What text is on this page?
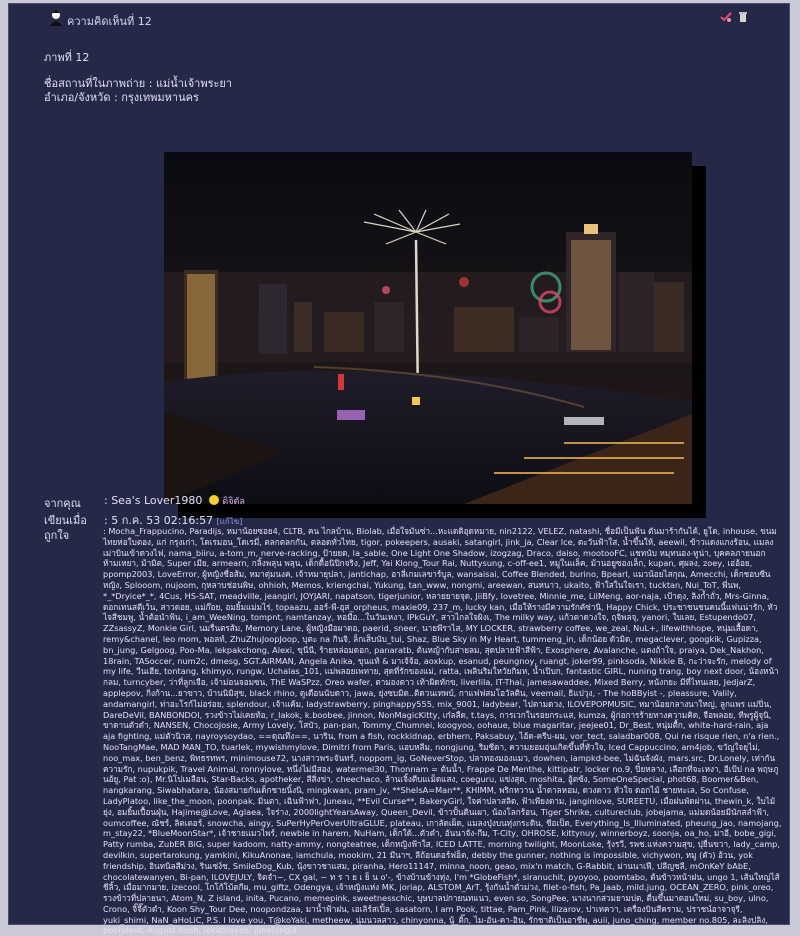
ความคิดเห็นที่ 12
ภาพที่ 12
ชื่อสถานที่ในภาพถ่าย : แม่น้ำเจ้าพระยา
อำเภอ/จังหวัด : กรุงเทพมหานคร
จากคุณ : Sea's Lover1980 ดิจิตัล
เขียนเมื่อ : 5 ก.ค. 53 02:16:57 [แก้ไข]
ถูกใจ	: Mocha_Frappucino, Paradijs, หมาน้อยซอย4, CLTB, คน ไกลบ้าน, Biolab, เมื่อใจมันซ่า...หะแดดิอุดหมาย, nin2122, VELEZ, natashi, ชื่อมีเป็นฟัน ตันมาร้ากันได้, ยูโด, inhouse, ขนมไทยห่อใบตอง, แก่ กรุงเก่า, โดเรมอน_โดเรมี่, ตลกตลกกัน, ตลอดทั่วไทย, tigor, pokeepers, ausaki, satangirl, jink_ja, Clear Ice, ตะวันฟ้าใส, น้ำขึ้นให้, aeewil, ข้าวแดงแกงร้อน, แมลงเม่าบินเข้าดวงไฟ, nama_biiru, a-tom_m, nerve-racking, ป้ายยด, la_sable, One Light One Shadow, izogzag, Draco, daiso, mootooFC, แชทนับ หมุทนอง-ทูน่า, บุคคลภายนอก ห้ามเหยา, ม้ามิต, Super เมีย, armearn, กลิ้งพลุน พลุน, เด็กดื้อนิปิกจริง, Jeff, Yai Klong_Tour Rai, Nuttysung, c-off-ee1, หมูในแล็ค, ม้านอยูซองเล็ก, kupan, ศุผลง, zoey, เอ่อ้อย, ppomp2003, LoveError, ผู้หญิงชื่อส้ม, หมาตุ่มนงค, เจ้าหมายุปลา, jantichap, อาลี่เกมเลขาร์บูล, wansaisai, Coffee Blended, burino, Bpearl, แมวน้อยไสกุณ, Amecchi, เด็กชอบซีนหญิง, Splooom, nujoom, กุหลาบช่อนพิษ, ohhioh, Memos, kriengchai, Yukung, tan_www, nongmi, areewan, สนหนาว, ukaito, ฟ้าใสในใจเรา, tucktan, Nui_ToT, พี่นพ, *_*Dryice*_*, 4Cus, HS-SAT, meadville, jeangirl, JOYJARI, napatson, tigerjunior, หลายยายจุด, JiiBfy, lovetree, Minnie_me, LilMeng, aor-naja, เป้าดุง, ลิงก้ำถั่ว, Mrs-Ginna, ดอกเทนสตีเว้น, สาวดอย, แม่ก๊อย, อมยิ้มแม่มไร่, topaazu, ออร์-พี-อุส_orpheus, maxie09, 237_m, lucky kan, เมื่อให้รางมีความรักคัซ่านิ, Happy Chick, ประชาชนชนคนนี้แฟนน่ารัก, หัวไจสีชมพู, น้ำต้อนำฟ้น, i_am_WeeNing, tompnt, namtanzay, หอมือ...ในวันเหงา, IPkGuY, สาวไกลใจผิงเ, The milky way, แก้วตาดวงใจ, ฤจิพลจุ, yanori, ใบเลย, Estupendo07, ZZsassyZ, Monkie Girl, นมรื่นตรส้ม, Memory Lane, ผู้หญิงมือผาดอ, paerid, sneer, นายพีราไส, MY LOCKER, strawberry coffee, we_zeal, NuL+, lifewithhope, หนุ่มเสื้อดา, remy&chanel, leo mom, พอลท์, ZhuZhuJoopJoop, บุตะ na กินจิ, ล็กเส็บนับ_tui, Shaz, Blue Sky in My Heart, tummeng_in, เด็กน้อย ดัวมิด, megaclever, googkik, Gupizza, bn_jung, Gelgoog, Poo-Ma, lekpakchong, Alexi, ขุนีนี, ร้ายหล่อมดอก, panaratb, ต้นหญ้ากับสายลม, สุดปลายฟ้าสีฟ้า, Exosphere, Avalanche, แตงถ้าใจ, praiya, Dek_Nakhon, 18rain, TASoccer, num2c, dmesg, SGT.AIRMAN, Angela Anika, ขุนแท้ & มาเจ้จ้อ, aoxkup, esanud, peungnoy, ruangt, joker99, pinksoda, Nikkie B, กะว่าจะรัก, melody of my life, วีนเฮีย, tontang, khimyo, rungw, Uchalas_101, แม่พลอยเพทาย, สุดที่รักของแม่, ratta, เพลินริมใหวัยกิมห, น้ำเปิบก, fantastic GIRL, nuning trang, boy next door, น้องหน้ากลม, turncyber, ว่าที่ลูกเจือ, เจ้าม่อนจอมซน, ThE WaSPzz, Oreo wafer, ตามองตาว เท้าผิดทักข, liverlila, IT-Thai, jamesawaddee, Mixed Berry, หนังกยะ มีที่ไหนเลย, JedjarZ, applepov, กิ่งก้าน...ยาขาว, บ้านนิมิสุข, black rhino, ดูเดือนนับดาว, jawa, ยุ่งซบมิด..ติดวนเทพบ์, กาแฟฟสมโอวัลติน, veemail, ธิแปวุง, - The hoBByist -, pleassure, Valily, andamangirl, ท่าอะโรก์ไม่อร่อย, splendour, เจ้าแค้ม, ladystrawberry, pinghappy555, mix_9001, ladybear, ไปตามดวง, ILOVEPOPMUSIC, หมาน้อยกลางนาใหญ่, ลูกแพร แม่ปิ่น, DareDeVil, BANBONDOI, รวงข้าวไม่เคยท้อ, r_lakok, k.boobee, jinnon, NonMagicKitty, เก๋ลลืด, t.tays, การเวกในรอยกระแส, kumza, ผู้ก่อการร้ายทางความคิด, จือพลอย, ทีพรูผู้จุนิ, ขาดานตัวดำ, NANSEN, ChocoJosie, Army Lovely, โสบัว, pan-pan, Tommy_Chumnei, koogyoo, oohaue, blue magaritar, jeejee01, Dr_Best, หนุ่มตื้ก, white-hard-rain, aja aja fighting, แม่ตัวนิวส, nayroysoydao, ==ดุณทึง==, นาริน, from a fish, rockkidnap, erbhern, Paksabuy, ไอ้ด-ครีบ-ผม, vor_tect, saladbar008, Qui ne risque rien, n'a rien., NooTangMae, MAD MAN_TO, tuarlek, mywishmylove, Dimitri from Paris, แอบหลีม, nongjung, ริมซีดา, ความยอมอุ่นเกิดขึ้นที่หัวใจ, Iced Cappuccino, am4job, ขวัญใจยุไม่, noo_max, ben_benz, พิทธรทพร, minimouse72, นางสาวพระจันทร์, noppom_ig, GoNeverStop, ปลาทองมองแมว, dowhen, iampkd-bee, ไม่ฉันจังผัง, mars.src, Dr.Lonely, เท่ากันความรัก, nupukpik, Travel Animal, ronnylove, หนึ่งไม่มีสอง, watermel30, Thonnam = ต้นน้ำ, Frappe De Menthe, kittipatr, locker no.9, ปิ๋ยหลาง, เลือกที่จะเหงา, อีเป้ป na พฤษภูนอ้ยู, Pat :o), Mr.นิโปเมลือน, Star-Backs, apotheker, สีสิ่งข่า, cheechaco, ล้านเจิ้งตีบแเม็ดแสง, coeguru, แข่งสุด, moshita, อู้ตซ้ง, SomeOneSpecial, phot68, Boomer&Ben, nangkarang, Siwabhatara, น้องสมายกันเด็กชายนิ้งนิ, mingkwan, pram_jv, **SheIsA=Man**, KHIMM, พริกหวาน น้ำตาลหอม, ดวงดาว หัวใจ ดอกไม้ ชายทะเล, So Confuse, LadyPlatoo, like_the_moon, poonpak, มิ่นตา, เฉินฟ้าฟา, Juneau, **Evil Curse**, BakeryGirl, ใจค่าปลาสลิด, ฟ้าเพียงดาม, janginlove, SUREETU, เมื่อฝนพัดผ่าน, thewin_k, ใบไม้ยุ่ง, อมยิ้มเปื้อนฝุ่น, Hajime@Love, Aglaea, ใจร่าง, 2000lightYearsAway, Queen_Devil, ข้าวปั้นดินเผา, น้องโลกร้อน, Tiger Shrike, culturecIub, jobejama, แม่มดน้อยมีนักสลำฟ้า, oumcoffee, ณัชร์, ลิตเตอร์, snowcha, aingy, SuPerHyPerOverUltraGLUE, plateau, เกาลัดเผ็ด, แมลงปุ่งบนทุ่งกระดิน, ชีอเป็ด, Everything_Is_Illuminated, pheung_jao, namojang, m_stay22, *BlueMoonStar*, เจ้าชายแมวไพร์, newbie in harem, NuHam, เด็กใด้...ตัวดำ, อันนาจัง-กีม, T-City, OHROSE, kittynuy, winnerboyz, soonja, oa_ho, มาอี, bobe_gigi, Patty rumba, ZubER BiG, super kadoom, natty-ammy, nongteatree, เด็กหญิงฟ้าใส, ICED LATTE, morning twilight, MoonLoke, รุ้งรวี, รพช.แห่งความสุข, ปุยื่นขวา, lady_camp, devilkin, supertarokung, yamkini, KikuAnonae, iamchula, mookim, 21 มีนาฯ, ลีถ้อนดอร์ฟอ็ต, debby the gunner, nothing is impossible, vichywon, หมู (ตัว) อ้วน, yok friendship, อินทนิลสีม่วง, รินเซ่ง์ช, SmileDog_Kub, นุ้งขาวชาแสม, piranha, Hero11147, minna_noon, geao, mix'n match, G-Rabbit, ม่านนาเฟี, ปลีญชลี, mOnKeY bAbE, chocolatewanyen, Bi-pan, ILOVEJULY, จิตจำ~, CX gal, ~ ท ร า ย เ ย็ น o'-, ข้างบ้านข้างทุ่ง, I'm *GlobeFish*, siranuchit, pyoyoo, poomtabo, ต้นข้าวหน้าฝน, ungo 1, เส้นใหญ่ไส้ชีลิ้ว, เมื่อมากมาย, izecool, โกโก้โบ้ตกีผ, mu_giftz, Odengya, เจ้าหญิงแห่ง MK, joriap, ALSTOM_ArT, รุ้งกันน้ำตัวม่วง, filet-o-fish, Pa_Jaab, mild.jung, OCEAN_ZERO, pink_oreo, รวงข้าวที่ปลายนา, Atom_N, Z island, inita, Pucano, memepink, sweetnesschic, บุษบาลปกายนทแนว, even so, SongPee, นางนากสวมยามปต, ตื่นขึ้นมาตอนใหม่, su_boy, ulno, Crono, จิ๊จี๊ตัวดำ, Koon Shy_Tour Dee, noopondzaa, มาน้ำฟ้าฝน, เอเลิร์สเปิ้ล, sasatorn, I am Pook, tittae, Pam_Pink, llizarov, ปาเทควา, เครื่องบินสีคราม, ปราชน์อาจาจุรี, yuki_shimi, NaN_aHoLiC, P.S. I love you, T@koYaki, metheew, นุ่มนวลสาว, chinyonna, นู้_ติ๊ก, ไม-อัน-คา-อิน, รักชาติเป็นอาชีพ, auii, juno_ching, member no.805, ละลิงปลิง, poohdent, August Rush, lekatuayao, junejungja
